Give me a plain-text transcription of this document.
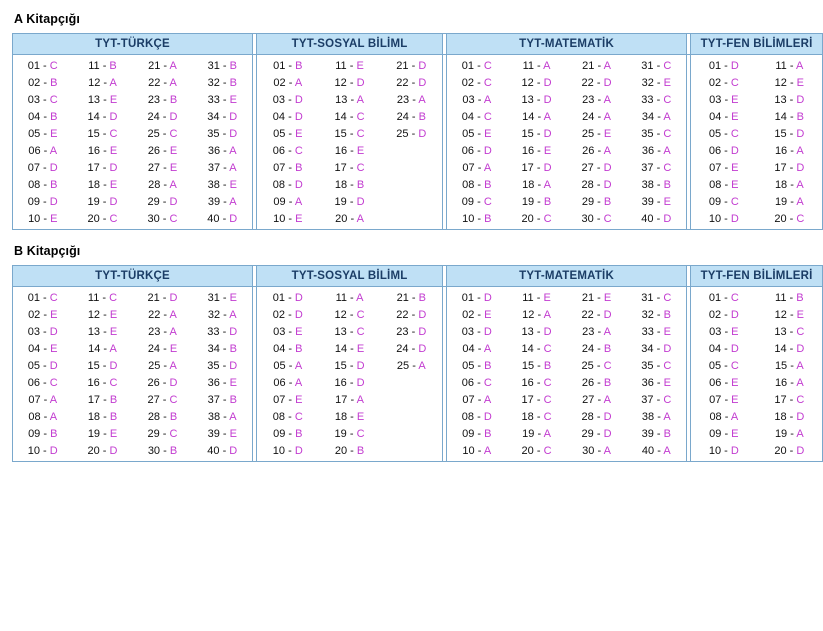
A Kitapçığı
TYT-TÜRKÇE					TYT-SOSYAL BİLİML				TYT-MATEMATİK					TYT-FEN BİLİMLERİ	
01 - C	11 - B	21 - A	31 - B		01 - B	11 - E	21 - D		01 - C	11 - A	21 - A	31 - C		01 - D	11 - A
02 - B	12 - A	22 - A	32 - B		02 - A	12 - D	22 - D		02 - C	12 - D	22 - D	32 - E		02 - C	12 - E
03 - C	13 - E	23 - B	33 - E		03 - D	13 - A	23 - A		03 - A	13 - D	23 - A	33 - C		03 - E	13 - D
04 - B	14 - D	24 - D	34 - D		04 - D	14 - C	24 - B		04 - C	14 - A	24 - A	34 - A		04 - E	14 - B
05 - E	15 - C	25 - C	35 - D		05 - E	15 - C	25 - D		05 - E	15 - D	25 - E	35 - C		05 - C	15 - D
06 - A	16 - E	26 - E	36 - A		06 - C	16 - E			06 - D	16 - E	26 - A	36 - A		06 - D	16 - A
07 - D	17 - D	27 - E	37 - A		07 - B	17 - C			07 - A	17 - D	27 - D	37 - C		07 - E	17 - D
08 - B	18 - E	28 - A	38 - E		08 - D	18 - B			08 - B	18 - A	28 - D	38 - B		08 - E	18 - A
09 - D	19 - D	29 - D	39 - A		09 - A	19 - D			09 - C	19 - B	29 - B	39 - E		09 - C	19 - A
10 - E	20 - C	30 - C	40 - D		10 - E	20 - A			10 - B	20 - C	30 - C	40 - D		10 - D	20 - C
B Kitapçığı
TYT-TÜRKÇE					TYT-SOSYAL BİLİML				TYT-MATEMATİK					TYT-FEN BİLİMLERİ	
01 - C	11 - C	21 - D	31 - E		01 - D	11 - A	21 - B		01 - D	11 - E	21 - E	31 - C		01 - C	11 - B
02 - E	12 - E	22 - A	32 - A		02 - D	12 - C	22 - D		02 - E	12 - A	22 - D	32 - B		02 - D	12 - E
03 - D	13 - E	23 - A	33 - D		03 - E	13 - C	23 - D		03 - D	13 - D	23 - A	33 - E		03 - E	13 - C
04 - E	14 - A	24 - E	34 - B		04 - B	14 - E	24 - D		04 - A	14 - C	24 - B	34 - D		04 - D	14 - D
05 - D	15 - D	25 - A	35 - D		05 - A	15 - D	25 - A		05 - B	15 - B	25 - C	35 - C		05 - C	15 - A
06 - C	16 - C	26 - D	36 - E		06 - A	16 - D			06 - C	16 - C	26 - B	36 - E		06 - E	16 - A
07 - A	17 - B	27 - C	37 - B		07 - E	17 - A			07 - A	17 - C	27 - A	37 - C		07 - E	17 - C
08 - A	18 - B	28 - B	38 - A		08 - C	18 - E			08 - D	18 - C	28 - D	38 - A		08 - A	18 - D
09 - B	19 - E	29 - C	39 - E		09 - B	19 - C			09 - B	19 - A	29 - D	39 - B		09 - E	19 - A
10 - D	20 - D	30 - B	40 - D		10 - D	20 - B			10 - A	20 - C	30 - A	40 - A		10 - D	20 - D
